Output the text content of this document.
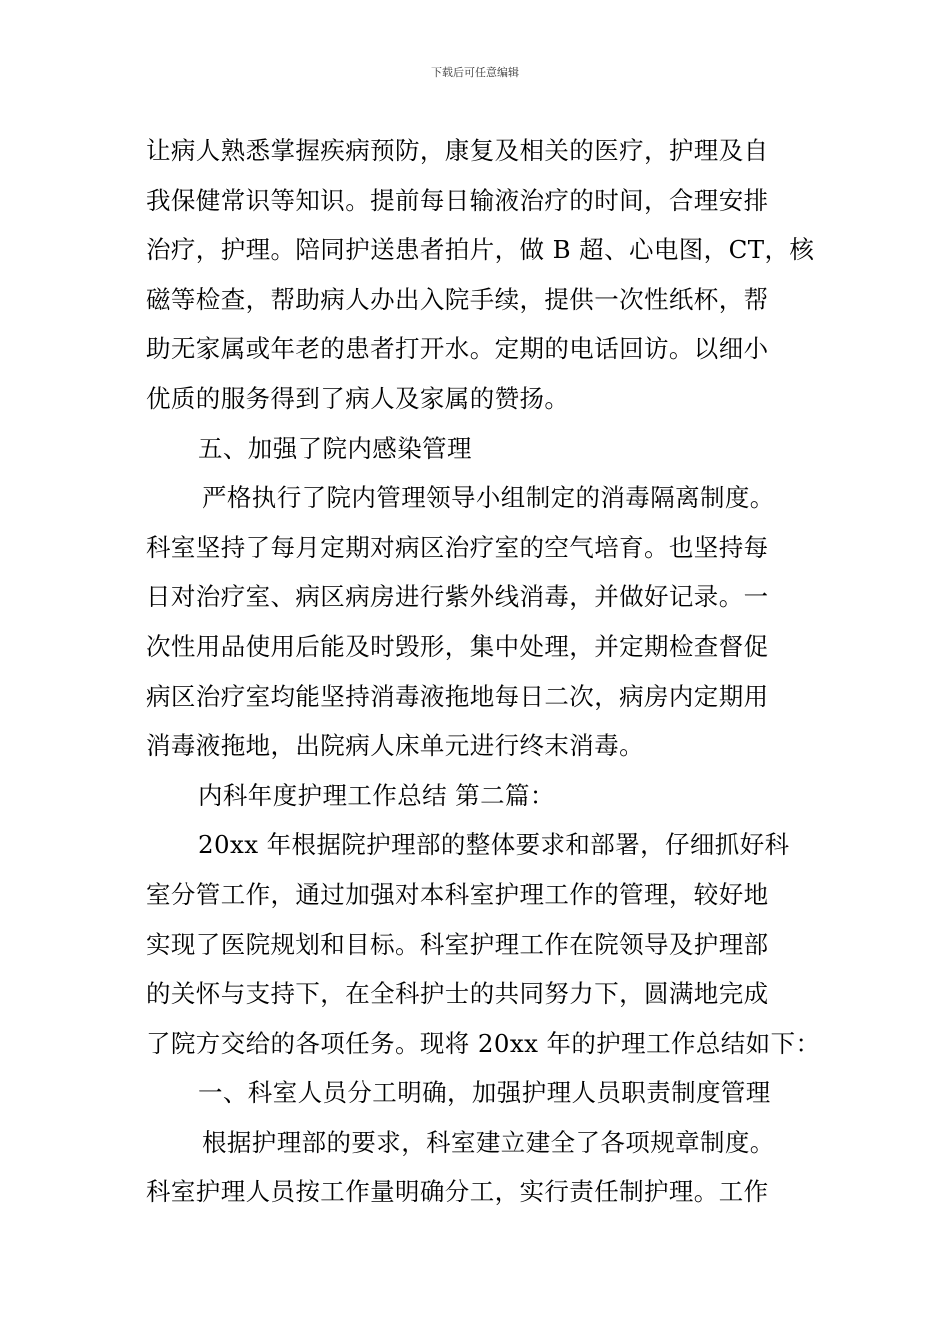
下载后可任意编辑
让病人熟悉掌握疾病预防，康复及相关的医疗，护理及自
我保健常识等知识。提前每日输液治疗的时间，合理安排
治疗，护理。陪同护送患者拍片，做 B 超、心电图，CT，核
磁等检查，帮助病人办出入院手续，提供一次性纸杯，帮
助无家属或年老的患者打开水。定期的电话回访。以细小
优质的服务得到了病人及家属的赞扬。
五、加强了院内感染管理
严格执行了院内管理领导小组制定的消毒隔离制度。
科室坚持了每月定期对病区治疗室的空气培育。也坚持每
日对治疗室、病区病房进行紫外线消毒，并做好记录。一
次性用品使用后能及时毁形，集中处理，并定期检查督促
病区治疗室均能坚持消毒液拖地每日二次，病房内定期用
消毒液拖地，出院病人床单元进行终末消毒。
内科年度护理工作总结 第二篇：
20xx 年根据院护理部的整体要求和部署，仔细抓好科
室分管工作，通过加强对本科室护理工作的管理，较好地
实现了医院规划和目标。科室护理工作在院领导及护理部
的关怀与支持下，在全科护士的共同努力下，圆满地完成
了院方交给的各项任务。现将 20xx 年的护理工作总结如下：
一、科室人员分工明确，加强护理人员职责制度管理
根据护理部的要求，科室建立建全了各项规章制度。
科室护理人员按工作量明确分工，实行责任制护理。工作
